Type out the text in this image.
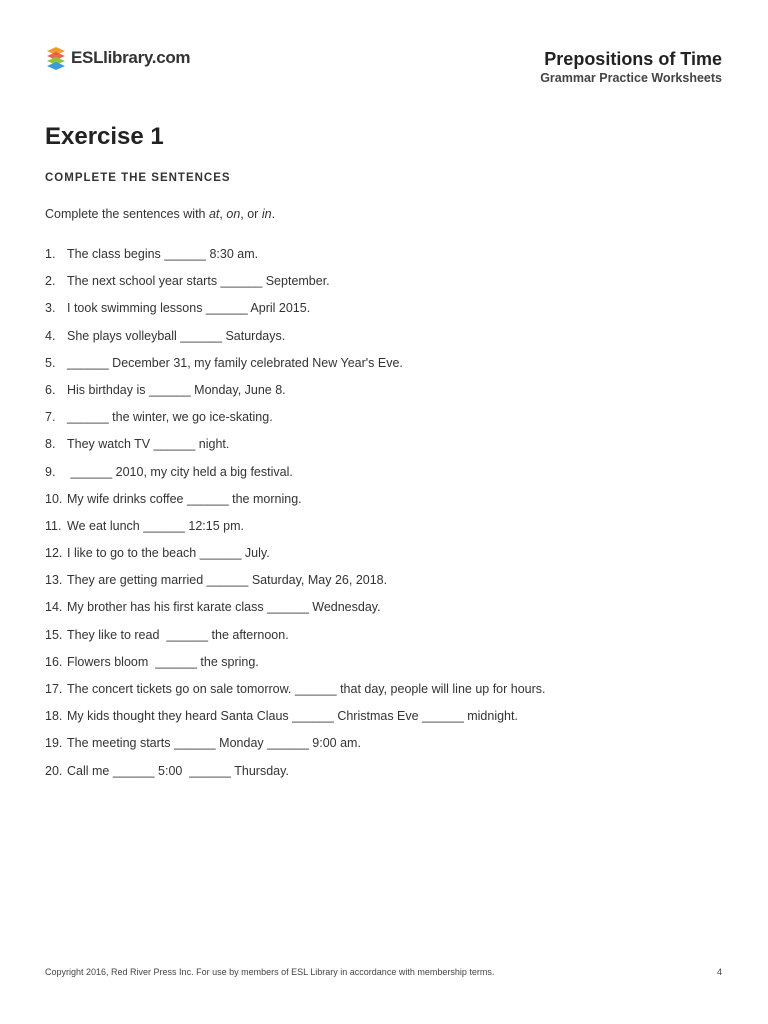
ESLlibrary.com	Prepositions of Time

Grammar Practice Worksheets

Exercise 1
COMPLETE THE SENTENCES

Complete the sentences with at, on, or in.

1. The class begins ______ 8:30 am.
2. The next school year starts ______ September.
3. I took swimming lessons ______ April 2015.
4. She plays volleyball ______ Saturdays.
5. ______ December 31, my family celebrated New Year's Eve.
6. His birthday is ______ Monday, June 8.
7. ______ the winter, we go ice-skating.
8. They watch TV ______ night.
9. ______ 2010, my city held a big festival.
10. My wife drinks coffee ______ the morning.
11. We eat lunch ______ 12:15 pm.
12. I like to go to the beach ______ July.
13. They are getting married ______ Saturday, May 26, 2018.
14. My brother has his first karate class ______ Wednesday.
15. They like to read  ______ the afternoon.
16. Flowers bloom  ______ the spring.
17. The concert tickets go on sale tomorrow. ______ that day, people will line up for hours.
18. My kids thought they heard Santa Claus ______ Christmas Eve ______ midnight.
19. The meeting starts ______ Monday ______ 9:00 am.
20. Call me ______ 5:00  ______ Thursday.
Copyright 2016, Red River Press Inc. For use by members of ESL Library in accordance with membership terms.	4
